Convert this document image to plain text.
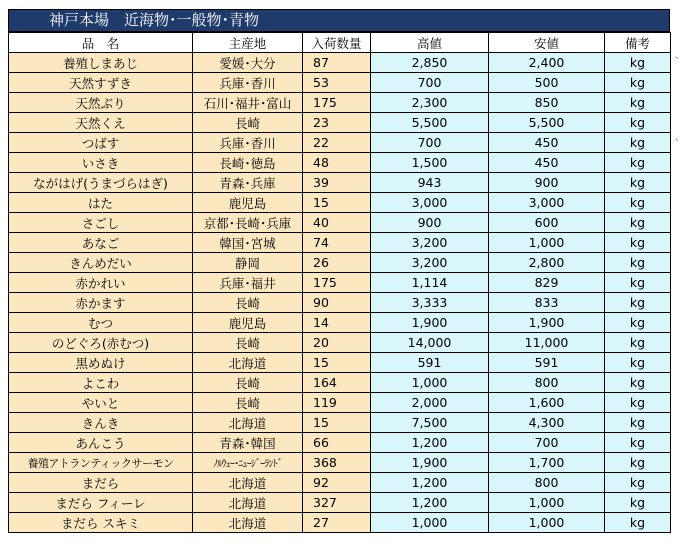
神戸本場　近海物･一般物･青物
品　名	主産地	入荷数量	高値	安値	備考
養殖しまあじ	愛媛･大分	87	2,850	2,400	kg
天然すずき	兵庫･香川	53	700	500	kg
天然ぶり	石川･福井･富山	175	2,300	850	kg
天然くえ	長崎	23	5,500	5,500	kg
つばす	兵庫･香川	22	700	450	kg
いさき	長崎･徳島	48	1,500	450	kg
ながはげ(うまづらはぎ)	青森･兵庫	39	943	900	kg
はた	鹿児島	15	3,000	3,000	kg
さごし	京都･長崎･兵庫	40	900	600	kg
あなご	韓国･宮城	74	3,200	1,000	kg
きんめだい	静岡	26	3,200	2,800	kg
赤かれい	兵庫･福井	175	1,114	829	kg
赤かます	長崎	90	3,333	833	kg
むつ	鹿児島	14	1,900	1,900	kg
のどぐろ(赤むつ)	長崎	20	14,000	11,000	kg
黒めぬけ	北海道	15	591	591	kg
よこわ	長崎	164	1,000	800	kg
やいと	長崎	119	2,000	1,600	kg
きんき	北海道	15	7,500	4,300	kg
あんこう	青森･韓国	66	1,200	700	kg
養殖アトランティックサーモン	ﾉﾙｳｪｰ･ﾆｭｰｼﾞｰﾗﾝﾄﾞ	368	1,900	1,700	kg
まだら	北海道	92	1,200	800	kg
まだら フィーレ	北海道	327	1,200	1,000	kg
まだら スキミ	北海道	27	1,000	1,000	kg
、
、
